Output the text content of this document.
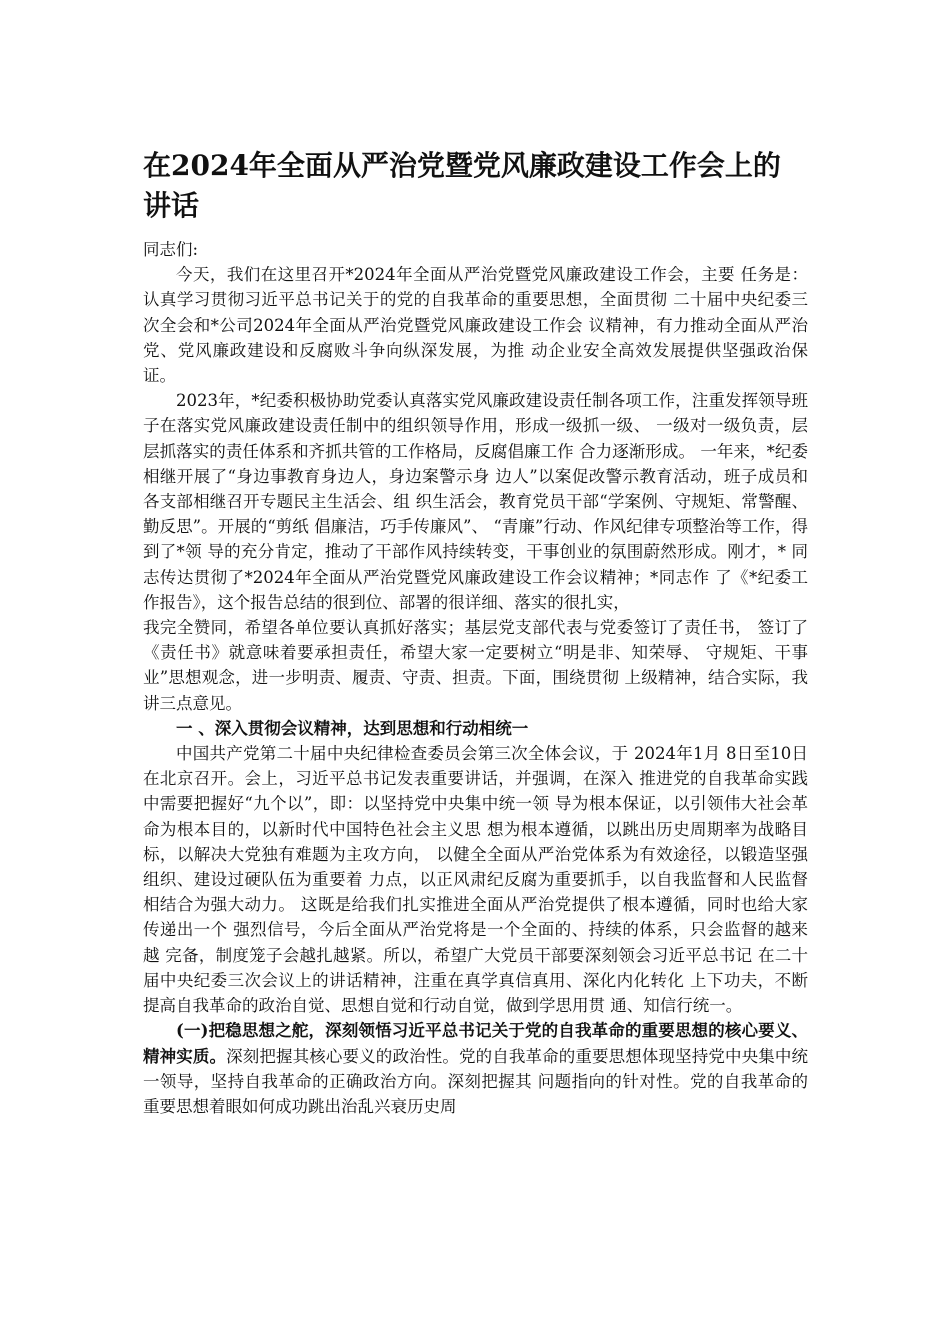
在2024年全面从严治党暨党风廉政建设工作会上的 讲话

同志们:

今天，我们在这里召开*2024年全面从严治党暨党风廉政建设工作会，主要 任务是：认真学习贯彻习近平总书记关于的党的自我革命的重要思想，全面贯彻 二十届中央纪委三次全会和*公司2024年全面从严治党暨党风廉政建设工作会 议精神，有力推动全面从严治党、党风廉政建设和反腐败斗争向纵深发展，为推 动企业安全高效发展提供坚强政治保证。

2023年，*纪委积极协助党委认真落实党风廉政建设责任制各项工作，注重发挥领导班子在落实党风廉政建设责任制中的组织领导作用，形成一级抓一级、 一级对一级负责，层层抓落实的责任体系和齐抓共管的工作格局，反腐倡廉工作 合力逐渐形成。 一年来，*纪委相继开展了“身边事教育身边人，身边案警示身 边人”以案促改警示教育活动，班子成员和各支部相继召开专题民主生活会、组 织生活会，教育党员干部“学案例、守规矩、常警醒、勤反思”。开展的“剪纸 倡廉洁，巧手传廉风”、 “青廉”行动、作风纪律专项整治等工作，得到了*领 导的充分肯定，推动了干部作风持续转变，干事创业的氛围蔚然形成。刚才，* 同志传达贯彻了*2024年全面从严治党暨党风廉政建设工作会议精神；*同志作 了《*纪委工作报告》，这个报告总结的很到位、部署的很详细、落实的很扎实，

我完全赞同，希望各单位要认真抓好落实；基层党支部代表与党委签订了责任书， 签订了《责任书》就意味着要承担责任，希望大家一定要树立“明是非、知荣辱、 守规矩、干事业”思想观念，进一步明责、履责、守责、担责。下面，围绕贯彻 上级精神，结合实际，我讲三点意见。

一 、深入贯彻会议精神，达到思想和行动相统一

中国共产党第二十届中央纪律检查委员会第三次全体会议，于 2024年1月 8日至10日在北京召开。会上，习近平总书记发表重要讲话，并强调，在深入 推进党的自我革命实践中需要把握好“九个以”，即：以坚持党中央集中统一领 导为根本保证，以引领伟大社会革命为根本目的，以新时代中国特色社会主义思 想为根本遵循，以跳出历史周期率为战略目标，以解决大党独有难题为主攻方向， 以健全全面从严治党体系为有效途径，以锻造坚强组织、建设过硬队伍为重要着 力点，以正风肃纪反腐为重要抓手，以自我监督和人民监督相结合为强大动力。 这既是给我们扎实推进全面从严治党提供了根本遵循，同时也给大家传递出一个 强烈信号，今后全面从严治党将是一个全面的、持续的体系，只会监督的越来越 完备，制度笼子会越扎越紧。所以，希望广大党员干部要深刻领会习近平总书记 在二十届中央纪委三次会议上的讲话精神，注重在真学真信真用、深化内化转化 上下功夫，不断提高自我革命的政治自觉、思想自觉和行动自觉，做到学思用贯 通、知信行统一。

(一)把稳思想之舵，深刻领悟习近平总书记关于党的自我革命的重要思想的核心要义、精神实质。深刻把握其核心要义的政治性。党的自我革命的重要思想体现坚持党中央集中统一领导，坚持自我革命的正确政治方向。深刻把握其 问题指向的针对性。党的自我革命的重要思想着眼如何成功跳出治乱兴衰历史周
